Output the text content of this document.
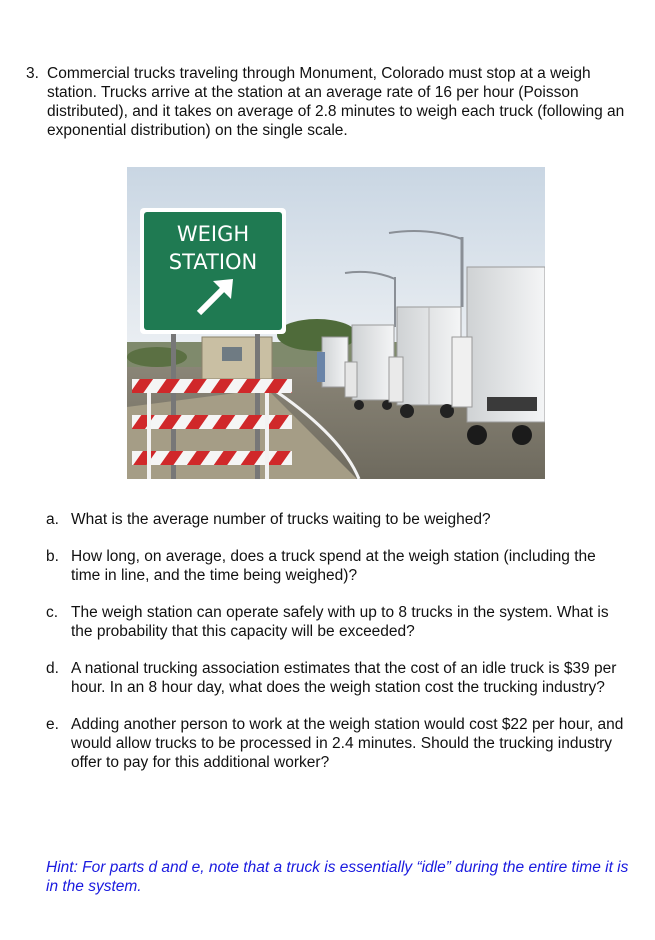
3. Commercial trucks traveling through Monument, Colorado must stop at a weigh station. Trucks arrive at the station at an average rate of 16 per hour (Poisson distributed), and it takes on average of 2.8 minutes to weigh each truck (following an exponential distribution) on the single scale.
WEIGH
STATION
a. What is the average number of trucks waiting to be weighed?
b. How long, on average, does a truck spend at the weigh station (including the time in line, and the time being weighed)?
c. The weigh station can operate safely with up to 8 trucks in the system. What is the probability that this capacity will be exceeded?
d. A national trucking association estimates that the cost of an idle truck is $39 per hour. In an 8 hour day, what does the weigh station cost the trucking industry?
e. Adding another person to work at the weigh station would cost $22 per hour, and would allow trucks to be processed in 2.4 minutes. Should the trucking industry offer to pay for this additional worker?
Hint: For parts d and e, note that a truck is essentially “idle” during the entire time it is in the system.
